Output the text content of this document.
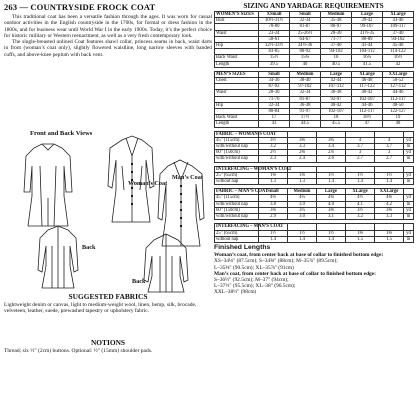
263 — COUNTRYSIDE FROCK COAT

This traditional coat has been a versatile fashion through the ages. It was worn for casual outdoor activities in the English countryside in the 1700s, for formal or dress fashion in the 1800s, and for business wear until World War I in the early 1900s. Today, it’s the perfect choice for historic military or Western reenactment, as well as a very fresh contemporary look.

The single-breasted unlined Coat features shawl collar, princess seams in back, waist darts in front (woman’s coat only), slightly flowered waistline, long narrow sleeves with banded cuffs, and above-knee peplum with back vent.

Front and Back Views
Woman’s Coat
Man’s Coat
Back
Back

SUGGESTED FABRICS

Lightweight denim or canvas, light to medium-weight wool, linen, hemp, silk, brocade, velveteen, leather, suede, prewashed tapestry or upholstery fabric.

NOTIONS

Thread; six ½" (2cm) buttons. Optional: ½" (15mm) shoulder pads.

SIZING AND YARDAGE REQUIREMENTS

WOMEN’S SIZES	XSmall	Small	Medium	Large	XLarge
Bust	30½-31½	32-34	35-38	39-42	43-46
	78-80	81-87	88-97	99-107	109-117
Waist	23-24	25-26½	28-30	31½-35	37-40
	58-61	64-67	71-77	80-89	94-102
Hip	32½-33½	34½-36	37-40	41-44	45-48
	83-85	88-92	94-102	104-112	114-122
Back Waist	15½	15¾	16	16¼	16½
Length	39.5	40	40.5	41.5	42
MEN’S SIZES	Small	Medium	Large	XLarge	XXLarge
Chest	34-36	38-40	42-44	46-48	50-52
	87-92	97-102	107-112	117-122	127-132
Waist	28-30	32-34	36-38	40-42	44-46
	71-76	81-87	92-97	102-107	112-117
Hip	32-34	36-38	40-42	44-46	48-50
	80-84	91-97	102-107	112-117	122-127
Back Waist	17	17½	18	18½	19
Length	43	44.5	45.5	47	48
FABRIC – WOMAN’S COAT						
45" (115cm)	3½	3⅝	3¾	4	4	yd
with/without nap	3.2	3.3	3.4	3.7	3.7	m
60" (150cm)	2½	2⅝	2⅞	3	3	yd
with/without nap	2.3	2.4	2.6	2.7	2.7	m
INTERFACING – WOMAN’S COAT						
25" (65cm)	1⅜	1⅜	1½	1½	1½	yd
without nap	1.3	1.3	1.4	1.4	1.4	m
FABRIC – MAN’S COAT	Small	Medium	Large	XLarge	XXLarge	
45" (115cm)	4⅛	4¼	4⅜	4½	4⅝	yd
with/without nap	3.8	3.9	4.0	4.1	4.2	m
60" (150cm)	3⅛	3¼	3⅜	3½	3⅝	yd
with/without nap	2.9	3.0	3.1	3.2	3.3	m
INTERFACING – MAN’S COAT						
25" (65cm)	1½	1½	1½	1⅝	1⅝	yd
without nap	1.4	1.4	1.4	1.5	1.5	m
Finished Lengths

Woman’s coat, from center back at base of collar to finished bottom edge:

XS–34⅛" (87.5cm); S–34⅝" (88cm); M–35⅞" (89.5cm);

L–35⅝" (90.5cm); XL–35⅞" (91cm)

Man’s coat, from center back at base of collar to finished bottom edge:

S–36½" (92.5cm); M–37" (94cm);

L–37½" (95.5cm); XL–38" (96.5cm);

XXL–38½" (98cm)
